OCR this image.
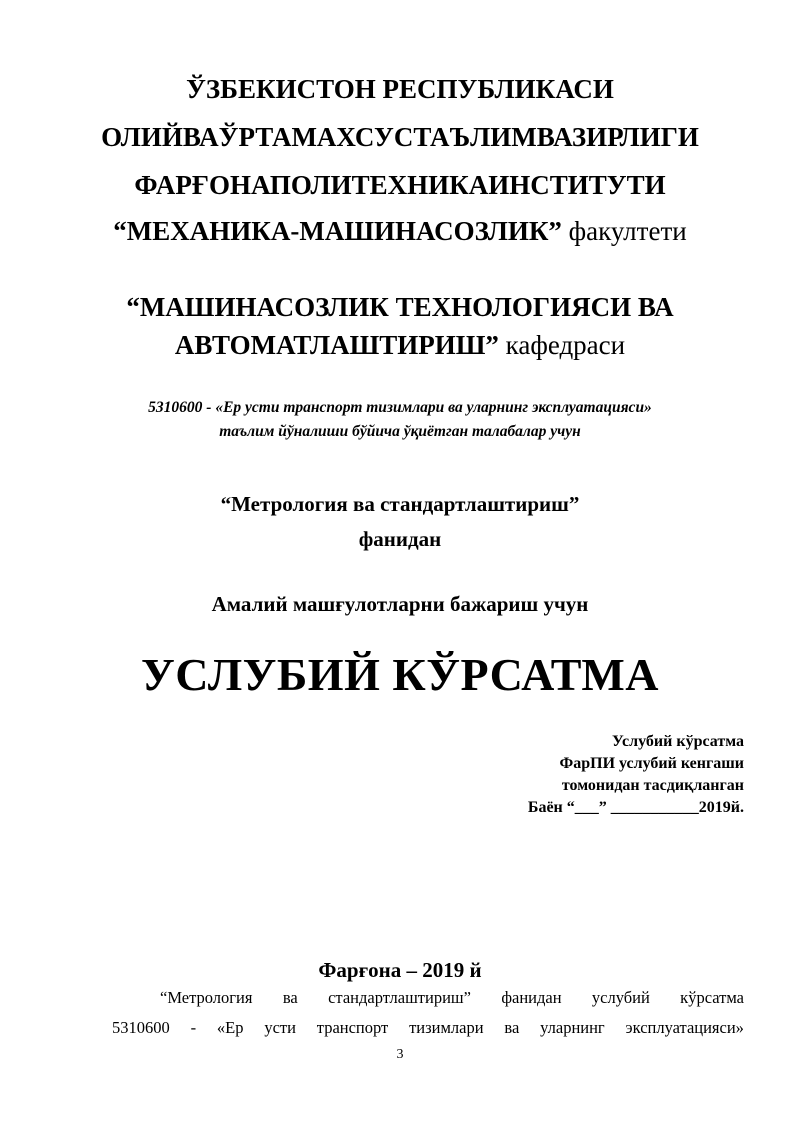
ЎЗБЕКИСТОН РЕСПУБЛИКАСИ
ОЛИЙВАЎРТАМАХСУСТАЪЛИМВАЗИРЛИГИ
ФАРҒОНАПОЛИТЕХНИКАИНСТИТУТИ
“МЕХАНИКА-МАШИНАСОЗЛИК” факултети
“МАШИНАСОЗЛИК ТЕХНОЛОГИЯСИ ВА
АВТОМАТЛАШТИРИШ” кафедраси
5310600 - «Ер усти транспорт тизимлари ва уларнинг эксплуатацияси»
таълим йўналиши бўйича ўқиётган талабалар учун
“Метрология ва стандартлаштириш”
фанидан
Амалий машғулотларни бажариш учун
УСЛУБИЙ КЎРСАТМА
Услубий кўрсатма
ФарПИ услубий кенгаши
томонидан тасдиқланган
Баён “___” ___________2019й.
Фарғона – 2019 й
“Метрология ва стандартлаштириш” фанидан услубий кўрсатма
5310600 - «Ер усти транспорт тизимлари ва уларнинг эксплуатацияси»
3
